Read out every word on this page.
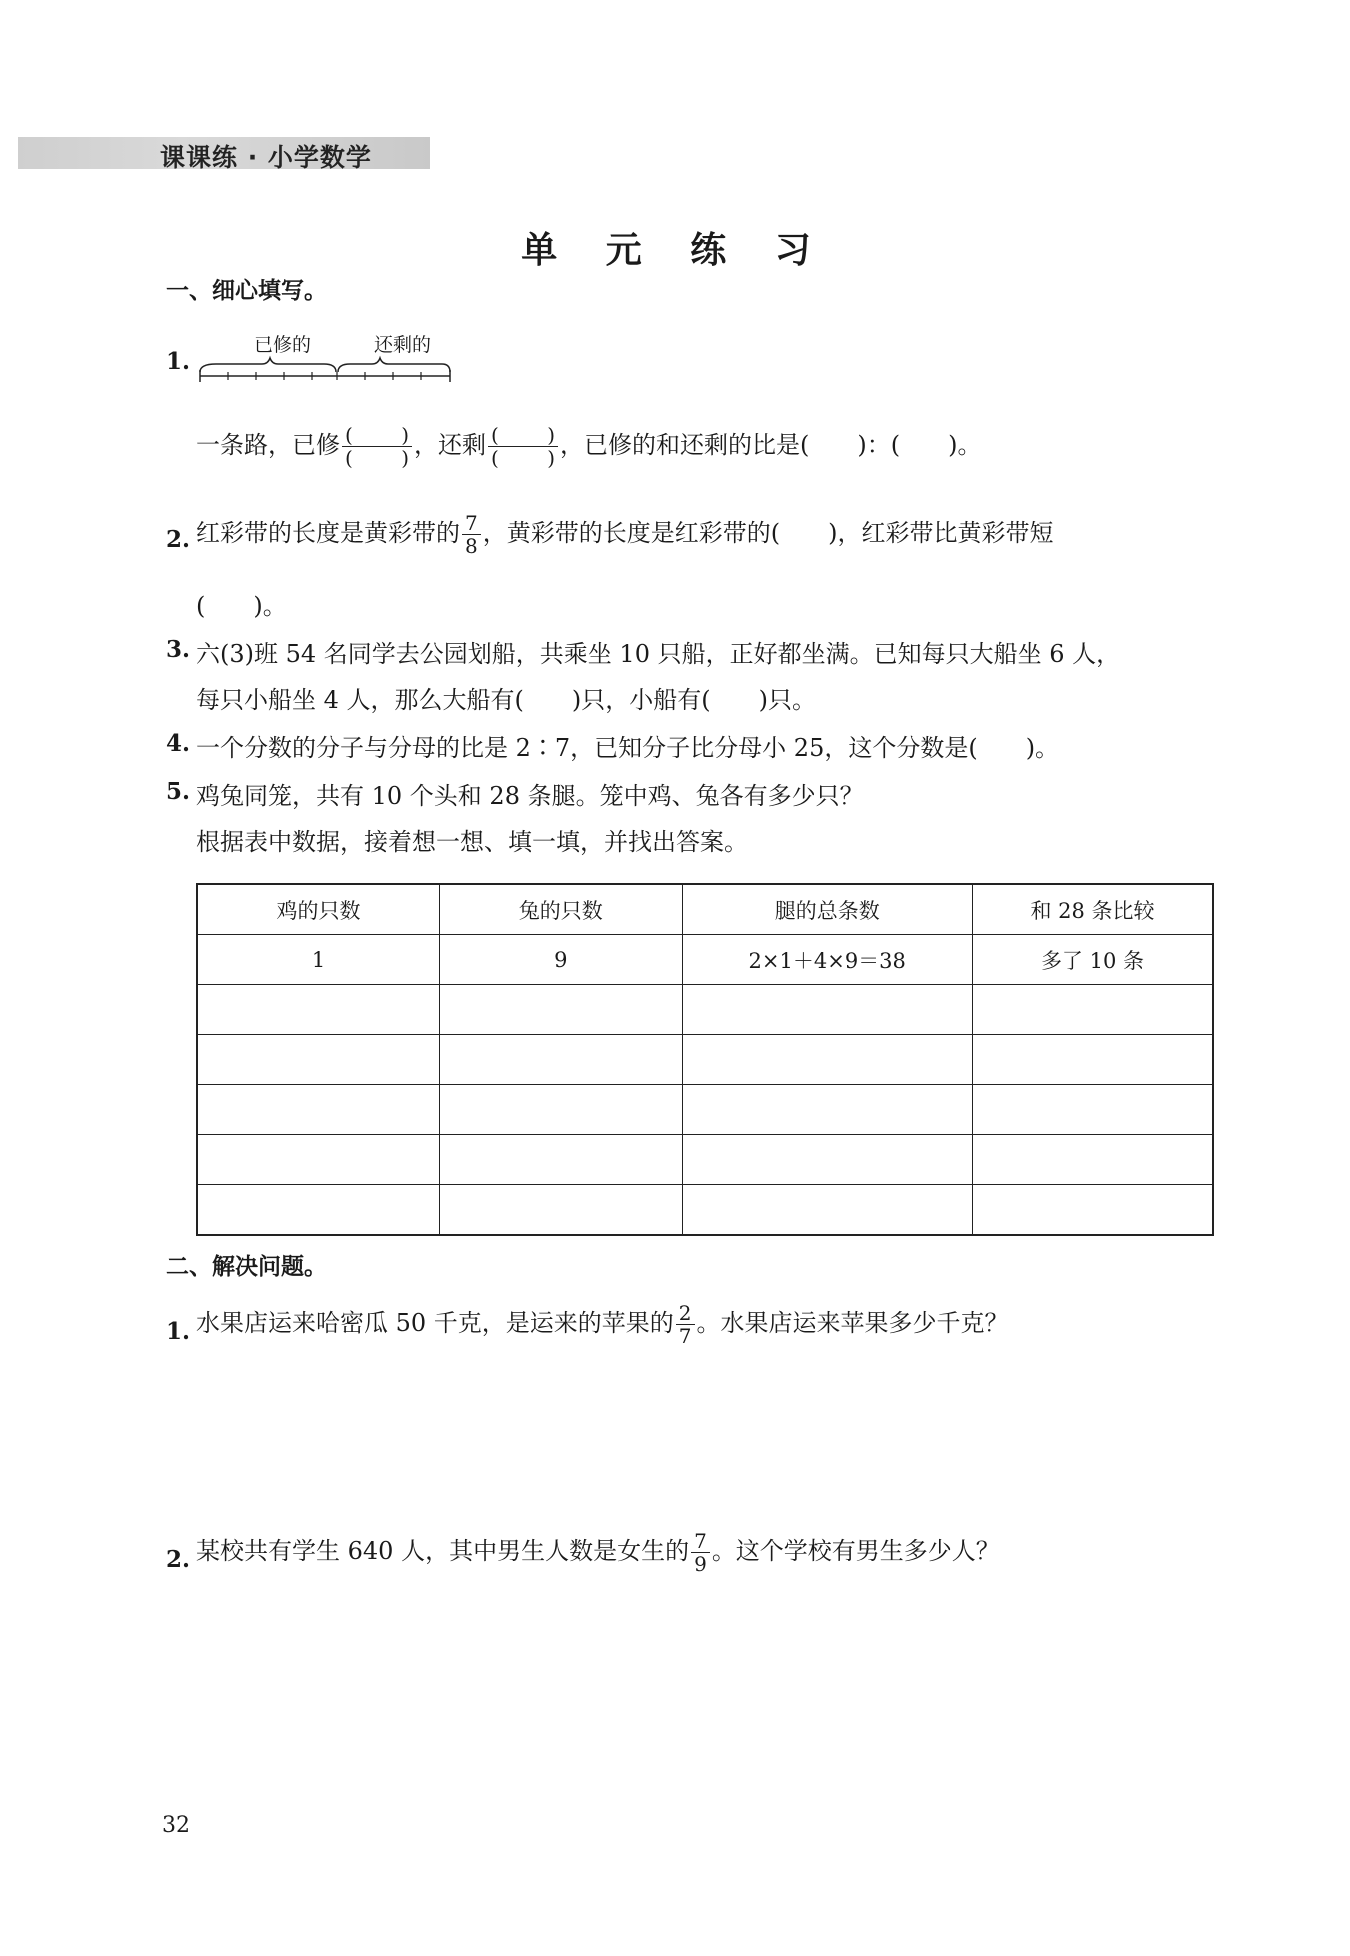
课课练 · 小学数学
单 元 练 习
一、细心填写。
1.
已修的	还剩的
一条路，已修 $\frac{( )}{( )}$ ，还剩 $\frac{( )}{( )}$ ，已修的和还剩的比是(　　)：(　　)。
2. 红彩带的长度是黄彩带的 $\frac{7}{8}$ ，黄彩带的长度是红彩带的(　　)，红彩带比黄彩带短
(　　)。
3. 六(3)班 54 名同学去公园划船，共乘坐 10 只船，正好都坐满。已知每只大船坐 6 人，
每只小船坐 4 人，那么大船有(　　)只，小船有(　　)只。
4. 一个分数的分子与分母的比是 2∶7，已知分子比分母小 25，这个分数是(　　)。
5. 鸡兔同笼，共有 10 个头和 28 条腿。笼中鸡、兔各有多少只？
根据表中数据，接着想一想、填一填，并找出答案。
鸡的只数	兔的只数	腿的总条数	和 28 条比较
1	9	2×1＋4×9＝38	多了 10 条

二、解决问题。
1. 水果店运来哈密瓜 50 千克，是运来的苹果的 $\frac{2}{7}$ 。水果店运来苹果多少千克？
2. 某校共有学生 640 人，其中男生人数是女生的 $\frac{7}{9}$ 。这个学校有男生多少人？
32
